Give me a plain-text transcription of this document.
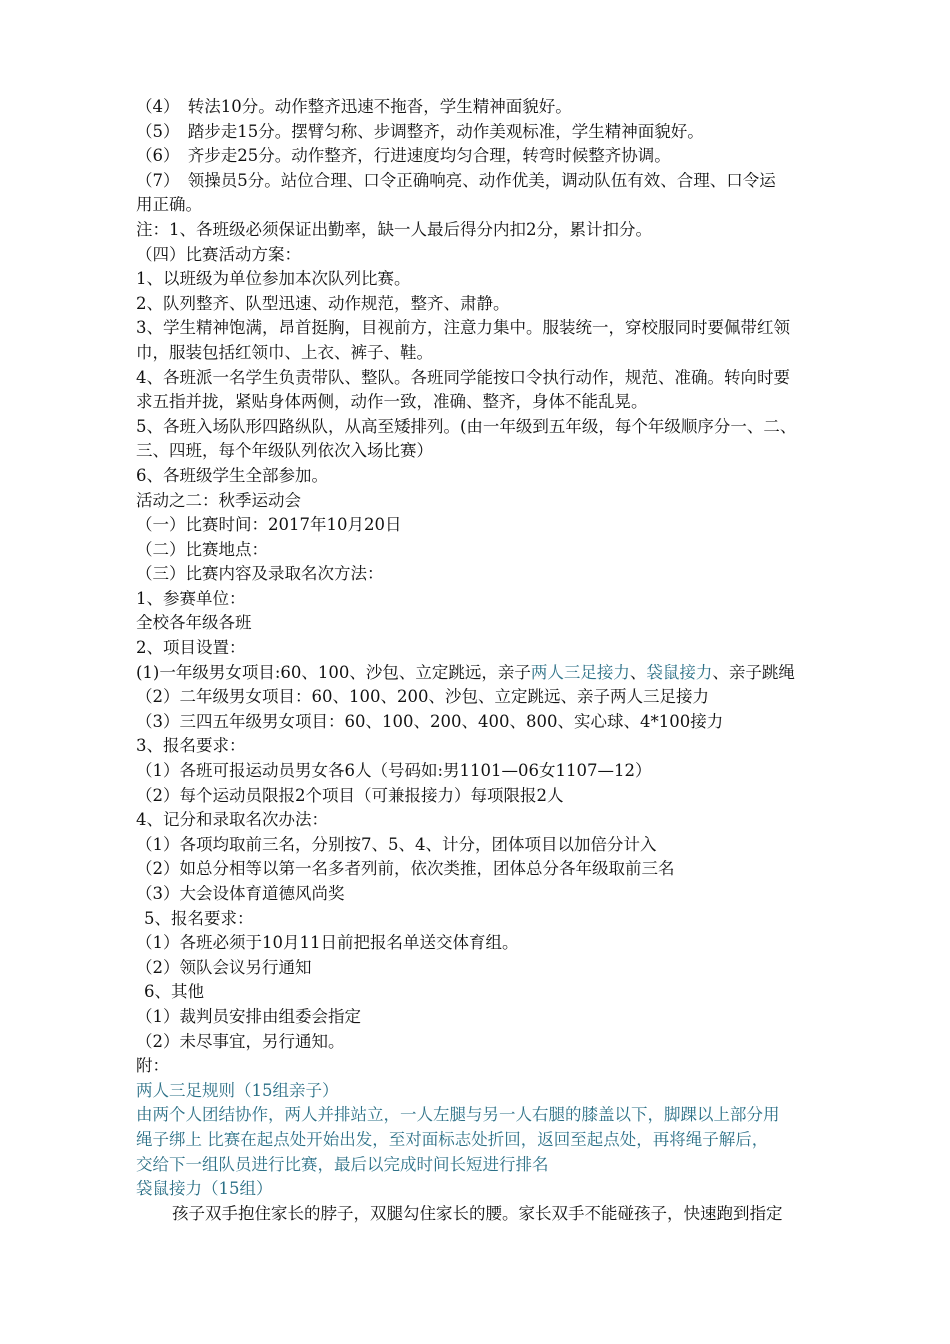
（4）　转法10分。动作整齐迅速不拖沓，学生精神面貌好。
（5）　踏步走15分。摆臂匀称、步调整齐，动作美观标准，学生精神面貌好。
（6）　齐步走25分。动作整齐，行进速度均匀合理，转弯时候整齐协调。
（7）　领操员5分。站位合理、口令正确响亮、动作优美，调动队伍有效、合理、口令运
用正确。
注：1、各班级必须保证出勤率，缺一人最后得分内扣2分，累计扣分。
（四）比赛活动方案：
1、以班级为单位参加本次队列比赛。
2、队列整齐、队型迅速、动作规范，整齐、肃静。
3、学生精神饱满，昂首挺胸，目视前方，注意力集中。服装统一，穿校服同时要佩带红领
巾，服装包括红领巾、上衣、裤子、鞋。
4、各班派一名学生负责带队、整队。各班同学能按口令执行动作，规范、准确。转向时要
求五指并拢，紧贴身体两侧，动作一致，准确、整齐，身体不能乱晃。
5、各班入场队形四路纵队，从高至矮排列。(由一年级到五年级，每个年级顺序分一、二、
三、四班，每个年级队列依次入场比赛）
6、各班级学生全部参加。
活动之二：秋季运动会
（一）比赛时间：2017年10月20日
（二）比赛地点：
（三）比赛内容及录取名次方法：
1、参赛单位：
全校各年级各班
2、项目设置：
(1)一年级男女项目:60、100、沙包、立定跳远，亲子两人三足接力、袋鼠接力、亲子跳绳
（2）二年级男女项目：60、100、200、沙包、立定跳远、亲子两人三足接力
（3）三四五年级男女项目：60、100、200、400、800、实心球、4*100接力
3、报名要求：
（1）各班可报运动员男女各6人（号码如:男1101—06女1107—12）
（2）每个运动员限报2个项目（可兼报接力）每项限报2人
4、记分和录取名次办法：
（1）各项均取前三名，分别按7、5、4、计分，团体项目以加倍分计入
（2）如总分相等以第一名多者列前，依次类推，团体总分各年级取前三名
（3）大会设体育道德风尚奖
5、报名要求：
（1）各班必须于10月11日前把报名单送交体育组。
（2）领队会议另行通知
6、其他
（1）裁判员安排由组委会指定
（2）未尽事宜，另行通知。
附：
两人三足规则（15组亲子）
由两个人团结协作，两人并排站立，一人左腿与另一人右腿的膝盖以下，脚踝以上部分用
绳子绑上 比赛在起点处开始出发，至对面标志处折回，返回至起点处，再将绳子解后，
交给下一组队员进行比赛，最后以完成时间长短进行排名
袋鼠接力（15组）
孩子双手抱住家长的脖子，双腿勾住家长的腰。家长双手不能碰孩子，快速跑到指定
